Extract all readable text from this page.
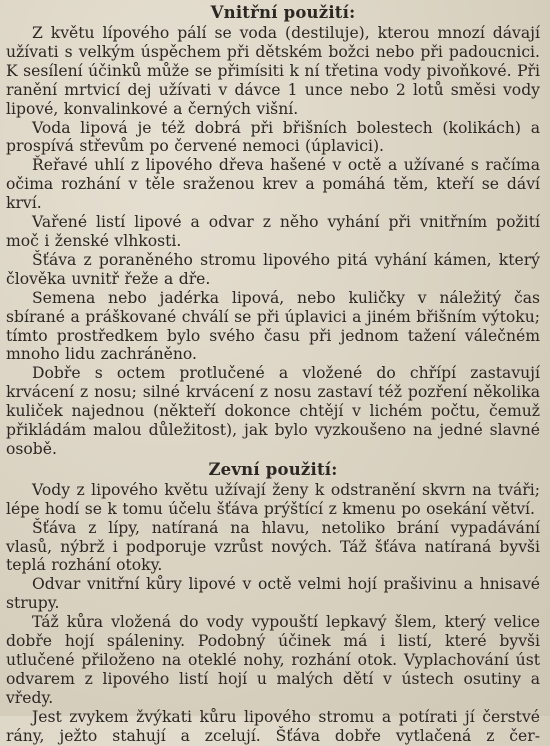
Vnitřní použití:

Z květu lípového pálí se voda (destiluje), kterou mnozí dávají užívati s velkým úspěchem při dětském božci nebo při padoucnici. K sesílení účinků může se přimísiti k ní třetina vody pivoňkové. Při ranění mrtvicí dej užívati v dávce 1 unce nebo 2 lotů směsi vody lipové, konvalinkové a černých višní.

Voda lipová je též dobrá při břišních bolestech (kolikách) a prospívá střevům po červené nemoci (úplavici).

Řeřavé uhlí z lipového dřeva hašené v octě a užívané s račíma očima rozhání v těle sraženou krev a pomáhá těm, kteří se dáví krví.

Vařené listí lipové a odvar z něho vyhání při vnitřním požití moč i ženské vlhkosti.

Šťáva z poraněného stromu lipového pitá vyhání kámen, který člověka uvnitř řeže a dře.

Semena nebo jadérka lipová, nebo kuličky v náležitý čas sbírané a práškované chválí se při úplavici a jiném břišním výtoku; tímto prostředkem bylo svého času při jednom tažení válečném mnoho lidu zachráněno.

Dobře s octem protlučené a vložené do chřípí zastavují krvácení z nosu; silné krvácení z nosu zastaví též pozření několika kuliček najednou (někteří dokonce chtějí v lichém počtu, čemuž přikládám malou důležitost), jak bylo vyzkoušeno na jedné slavné osobě.

Zevní použití:

Vody z lipového květu užívají ženy k odstranění skvrn na tváři; lépe hodí se k tomu účelu šťáva prýštící z kmenu po osekání větví.

Šťáva z lípy, natíraná na hlavu, netoliko brání vypadávání vlasů, nýbrž i podporuje vzrůst nových. Táž šťáva natíraná byvši teplá rozhání otoky.

Odvar vnitřní kůry lipové v octě velmi hojí prašivinu a hnisavé strupy.

Táž kůra vložená do vody vypouští lepkavý šlem, který velice dobře hojí spáleniny. Podobný účinek má i listí, které byvši utlučené přiloženo na oteklé nohy, rozhání otok. Vyplachování úst odvarem z lipového listí hojí u malých dětí v ústech osutiny a vředy.

Jest zvykem žvýkati kůru lipového stromu a potírati jí čerstvé rány, ježto stahují a zcelují. Šťáva dobře vytlačená z čer-
